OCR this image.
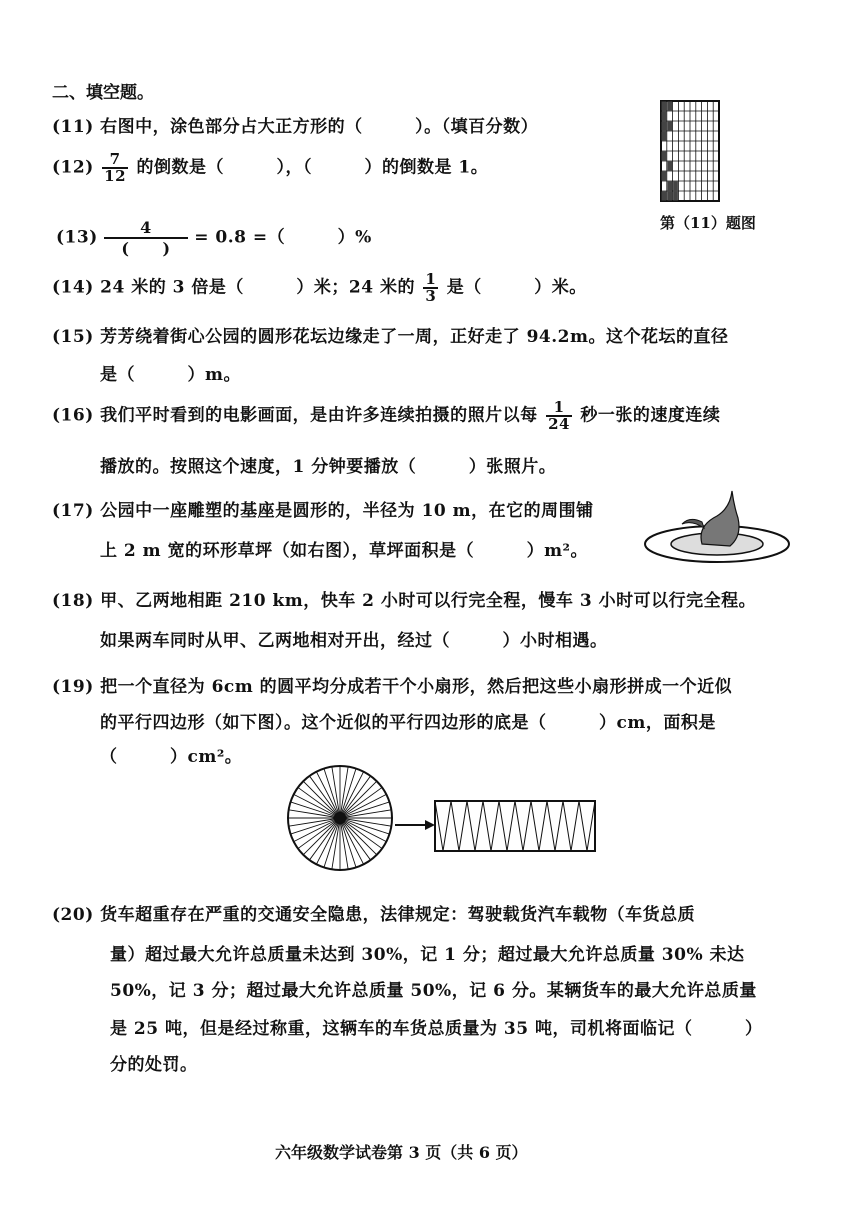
二、填空题。
(11) 右图中，涂色部分占大正方形的（　　　）。（填百分数）
第（11）题图
$(12) \frac{7}{12}$ 的倒数是（　　　），（　　　）的倒数是 1。
(13)
4
(　　)
= 0.8 =（　　　）%
(14) 24 米的 3 倍是（　　　）米；24 米的 $\frac{1}{3}$ 是（　　　）米。
(15) 芳芳绕着街心公园的圆形花坛边缘走了一周，正好走了 94.2m。这个花坛的直径
是（　　　）m。
(16) 我们平时看到的电影画面，是由许多连续拍摄的照片以每 $\frac{1}{24}$ 秒一张的速度连续
播放的。按照这个速度，1 分钟要播放（　　　）张照片。
(17) 公园中一座雕塑的基座是圆形的，半径为 10 m，在它的周围铺
上 2 m 宽的环形草坪（如右图），草坪面积是（　　　）m²。
(18) 甲、乙两地相距 210 km，快车 2 小时可以行完全程，慢车 3 小时可以行完全程。
如果两车同时从甲、乙两地相对开出，经过（　　　）小时相遇。
(19) 把一个直径为 6cm 的圆平均分成若干个小扇形，然后把这些小扇形拼成一个近似
的平行四边形（如下图）。这个近似的平行四边形的底是（　　　）cm，面积是
（　　　）cm²。
(20) 货车超重存在严重的交通安全隐患，法律规定：驾驶载货汽车载物（车货总质
量）超过最大允许总质量未达到 30%，记 1 分；超过最大允许总质量 30% 未达
50%，记 3 分；超过最大允许总质量 50%，记 6 分。某辆货车的最大允许总质量
是 25 吨，但是经过称重，这辆车的车货总质量为 35 吨，司机将面临记（　　　）
分的处罚。
六年级数学试卷第 3 页（共 6 页）
